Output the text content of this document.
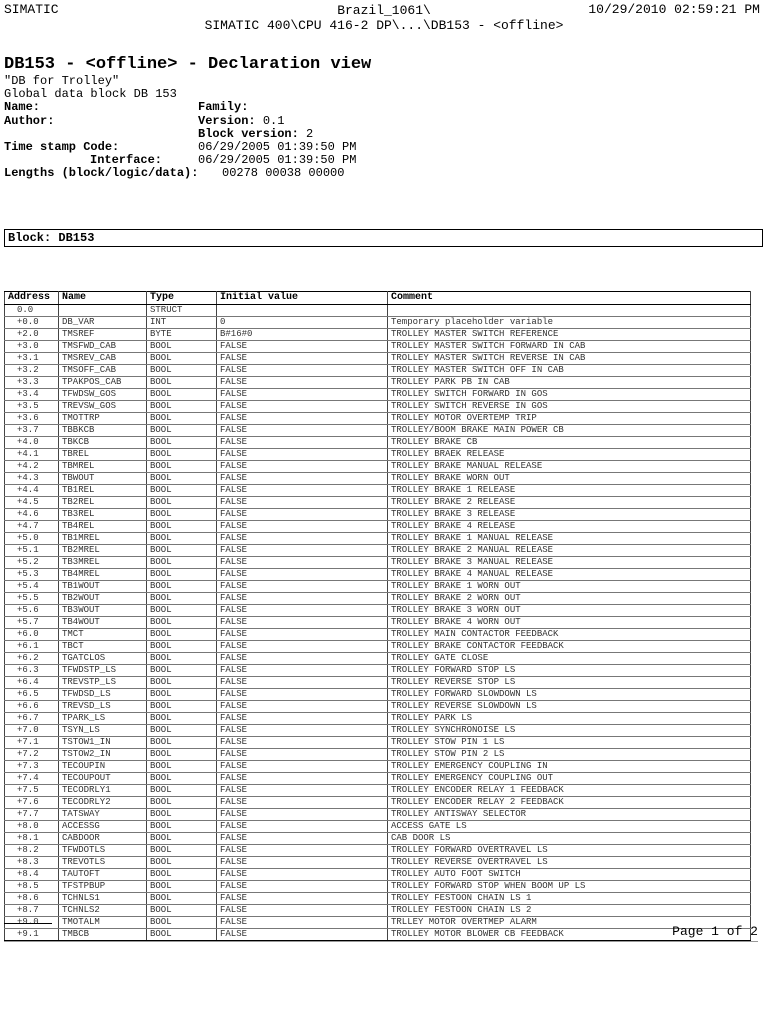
SIMATIC	Brazil_1061\
SIMATIC 400\CPU 416-2 DP\...\DB153 - <offline>
10/29/2010 02:59:21 PM
DB153 - <offline> - Declaration view
"DB for Trolley"
Global data block DB 153
Name:	Family:
Author:	Version: 0.1
Block version: 2
Time stamp Code:	06/29/2005 01:39:50 PM
Interface:	06/29/2005 01:39:50 PM
Lengths (block/logic/data): 00278 00038 00000
Block: DB153
Address	Name	Type	Initial value	Comment
0.0		STRUCT		
+0.0	DB_VAR	INT	0	Temporary placeholder variable
+2.0	TMSREF	BYTE	B#16#0	TROLLEY MASTER SWITCH REFERENCE
+3.0	TMSFWD_CAB	BOOL	FALSE	TROLLEY MASTER SWITCH FORWARD IN CAB
+3.1	TMSREV_CAB	BOOL	FALSE	TROLLEY MASTER SWITCH REVERSE IN CAB
+3.2	TMSOFF_CAB	BOOL	FALSE	TROLLEY MASTER SWITCH OFF IN CAB
+3.3	TPAKPOS_CAB	BOOL	FALSE	TROLLEY PARK PB IN CAB
+3.4	TFWDSW_GOS	BOOL	FALSE	TROLLEY SWITCH FORWARD IN GOS
+3.5	TREVSW_GOS	BOOL	FALSE	TROLLEY SWITCH REVERSE IN GOS
+3.6	TMOTTRP	BOOL	FALSE	TROLLEY MOTOR OVERTEMP TRIP
+3.7	TBBKCB	BOOL	FALSE	TROLLEY/BOOM BRAKE MAIN POWER CB
+4.0	TBKCB	BOOL	FALSE	TROLLEY BRAKE CB
+4.1	TBREL	BOOL	FALSE	TROLLEY BRAEK RELEASE
+4.2	TBMREL	BOOL	FALSE	TROLLEY BRAKE MANUAL RELEASE
+4.3	TBWOUT	BOOL	FALSE	TROLLEY BRAKE WORN OUT
+4.4	TB1REL	BOOL	FALSE	TROLLEY BRAKE 1 RELEASE
+4.5	TB2REL	BOOL	FALSE	TROLLEY BRAKE 2 RELEASE
+4.6	TB3REL	BOOL	FALSE	TROLLEY BRAKE 3 RELEASE
+4.7	TB4REL	BOOL	FALSE	TROLLEY BRAKE 4 RELEASE
+5.0	TB1MREL	BOOL	FALSE	TROLLEY BRAKE 1 MANUAL RELEASE
+5.1	TB2MREL	BOOL	FALSE	TROLLEY BRAKE 2 MANUAL RELEASE
+5.2	TB3MREL	BOOL	FALSE	TROLLEY BRAKE 3 MANUAL RELEASE
+5.3	TB4MREL	BOOL	FALSE	TROLLEY BRAKE 4 MANUAL RELEASE
+5.4	TB1WOUT	BOOL	FALSE	TROLLEY BRAKE 1 WORN OUT
+5.5	TB2WOUT	BOOL	FALSE	TROLLEY BRAKE 2 WORN OUT
+5.6	TB3WOUT	BOOL	FALSE	TROLLEY BRAKE 3 WORN OUT
+5.7	TB4WOUT	BOOL	FALSE	TROLLEY BRAKE 4 WORN OUT
+6.0	TMCT	BOOL	FALSE	TROLLEY MAIN CONTACTOR FEEDBACK
+6.1	TBCT	BOOL	FALSE	TROLLEY BRAKE CONTACTOR FEEDBACK
+6.2	TGATCLOS	BOOL	FALSE	TROLLEY GATE CLOSE
+6.3	TFWDSTP_LS	BOOL	FALSE	TROLLEY FORWARD STOP LS
+6.4	TREVSTP_LS	BOOL	FALSE	TROLLEY REVERSE STOP LS
+6.5	TFWDSD_LS	BOOL	FALSE	TROLLEY FORWARD SLOWDOWN LS
+6.6	TREVSD_LS	BOOL	FALSE	TROLLEY REVERSE SLOWDOWN LS
+6.7	TPARK_LS	BOOL	FALSE	TROLLEY PARK LS
+7.0	TSYN_LS	BOOL	FALSE	TROLLEY SYNCHRONOISE LS
+7.1	TSTOW1_IN	BOOL	FALSE	TROLLEY STOW PIN 1 LS
+7.2	TSTOW2_IN	BOOL	FALSE	TROLLEY STOW PIN 2 LS
+7.3	TECOUPIN	BOOL	FALSE	TROLLEY EMERGENCY COUPLING IN
+7.4	TECOUPOUT	BOOL	FALSE	TROLLEY EMERGENCY COUPLING OUT
+7.5	TECODRLY1	BOOL	FALSE	TROLLEY ENCODER RELAY 1 FEEDBACK
+7.6	TECODRLY2	BOOL	FALSE	TROLLEY ENCODER RELAY 2 FEEDBACK
+7.7	TATSWAY	BOOL	FALSE	TROLLEY ANTISWAY SELECTOR
+8.0	ACCESSG	BOOL	FALSE	ACCESS GATE LS
+8.1	CABDOOR	BOOL	FALSE	CAB DOOR LS
+8.2	TFWDOTLS	BOOL	FALSE	TROLLEY FORWARD OVERTRAVEL LS
+8.3	TREVOTLS	BOOL	FALSE	TROLLEY REVERSE OVERTRAVEL LS
+8.4	TAUTOFT	BOOL	FALSE	TROLLEY AUTO FOOT SWITCH
+8.5	TFSTPBUP	BOOL	FALSE	TROLLEY FORWARD STOP WHEN BOOM UP LS
+8.6	TCHNLS1	BOOL	FALSE	TROLLEY FESTOON CHAIN LS 1
+8.7	TCHNLS2	BOOL	FALSE	TROLLEY FESTOON CHAIN LS 2
+9.0	TMOTALM	BOOL	FALSE	TRLLEY MOTOR OVERTMEP ALARM
+9.1	TMBCB	BOOL	FALSE	TROLLEY MOTOR BLOWER CB FEEDBACK	Page 1 of 2
